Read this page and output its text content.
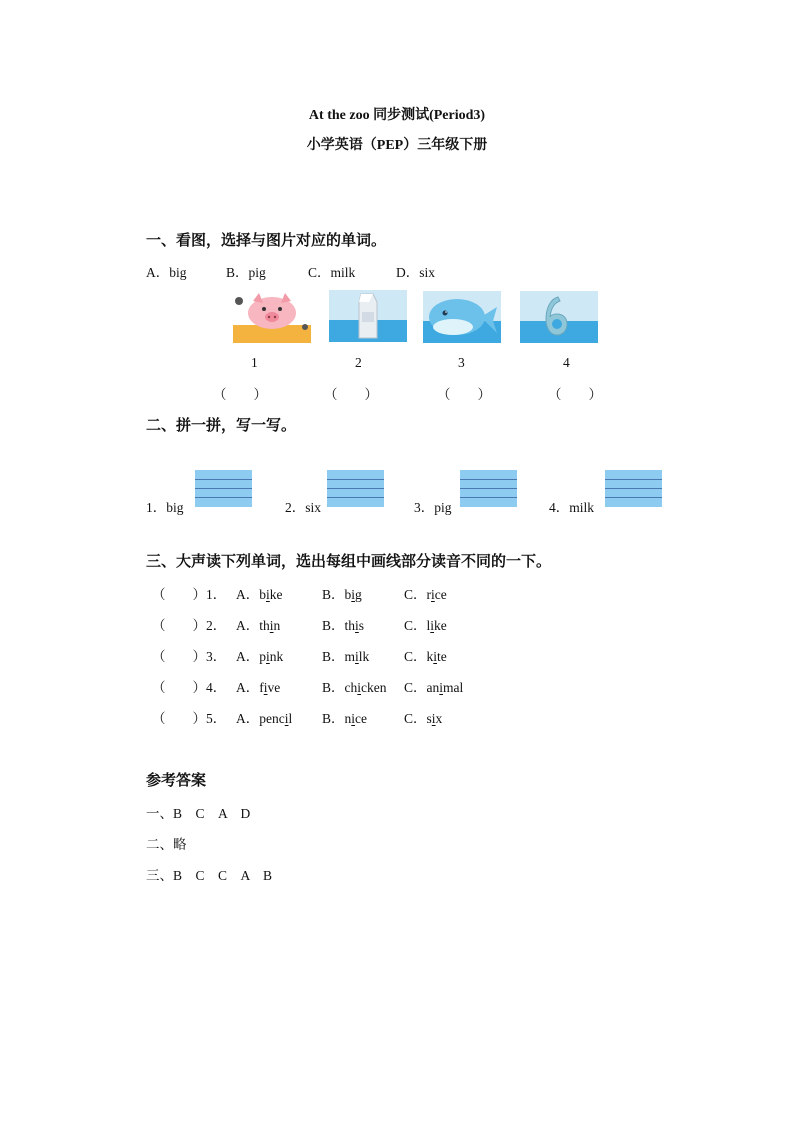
At the zoo 同步测试(Period3)
小学英语（PEP）三年级下册
一、看图，选择与图片对应的单词。
A．big	B．pig	C．milk	D．six
1	2	3	4
（　　）	（　　）	（　　）	（　　）
二、拼一拼，写一写。
1．big	2．six	3．pig	4．milk
三、大声读下列单词，选出每组中画线部分读音不同的一下。
（　　）1． A．bike	B．big	C．rice
（　　）2． A．thin	B．this	C．like
（　　）3． A．pink	B．milk	C．kite
（　　）4． A．five	B．chicken C．animal
（　　）5． A．pencil B．nice	C．six
参考答案
一、B　C　A　D
二、略
三、B　C　C　A　B
